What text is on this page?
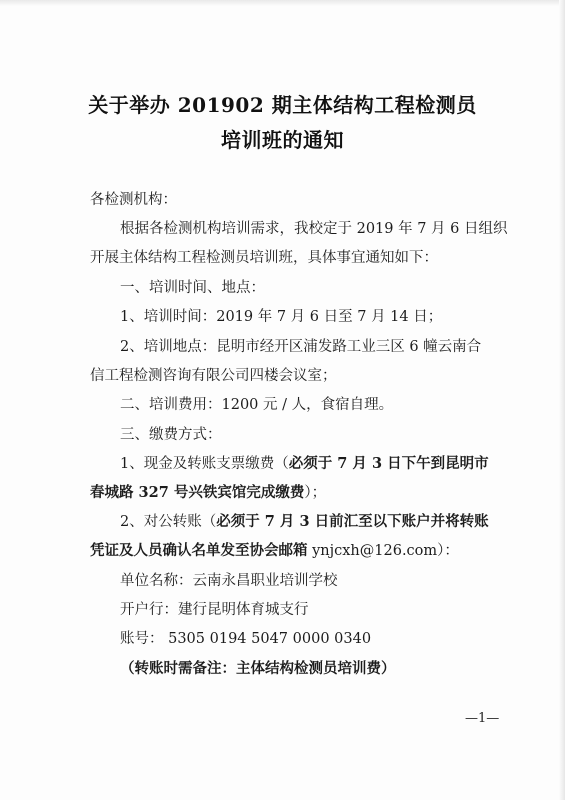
关于举办 201902 期主体结构工程检测员
培训班的通知
各检测机构：
根据各检测机构培训需求，我校定于 2019 年 7 月 6 日组织
开展主体结构工程检测员培训班，具体事宜通知如下：
一、培训时间、地点：
1、培训时间：2019 年 7 月 6 日至 7 月 14 日；
2、培训地点：昆明市经开区浦发路工业三区 6 幢云南合
信工程检测咨询有限公司四楼会议室；
二、培训费用：1200 元 / 人，食宿自理。
三、缴费方式：
1、现金及转账支票缴费（必须于 7 月 3 日下午到昆明市
春城路 327 号兴铁宾馆完成缴费）；
2、对公转账（必须于 7 月 3 日前汇至以下账户并将转账
凭证及人员确认名单发至协会邮箱 ynjcxh@126.com）：
单位名称：云南永昌职业培训学校
开户行：建行昆明体育城支行
账号： 5305 0194 5047 0000 0340
（转账时需备注：主体结构检测员培训费）
—1—
